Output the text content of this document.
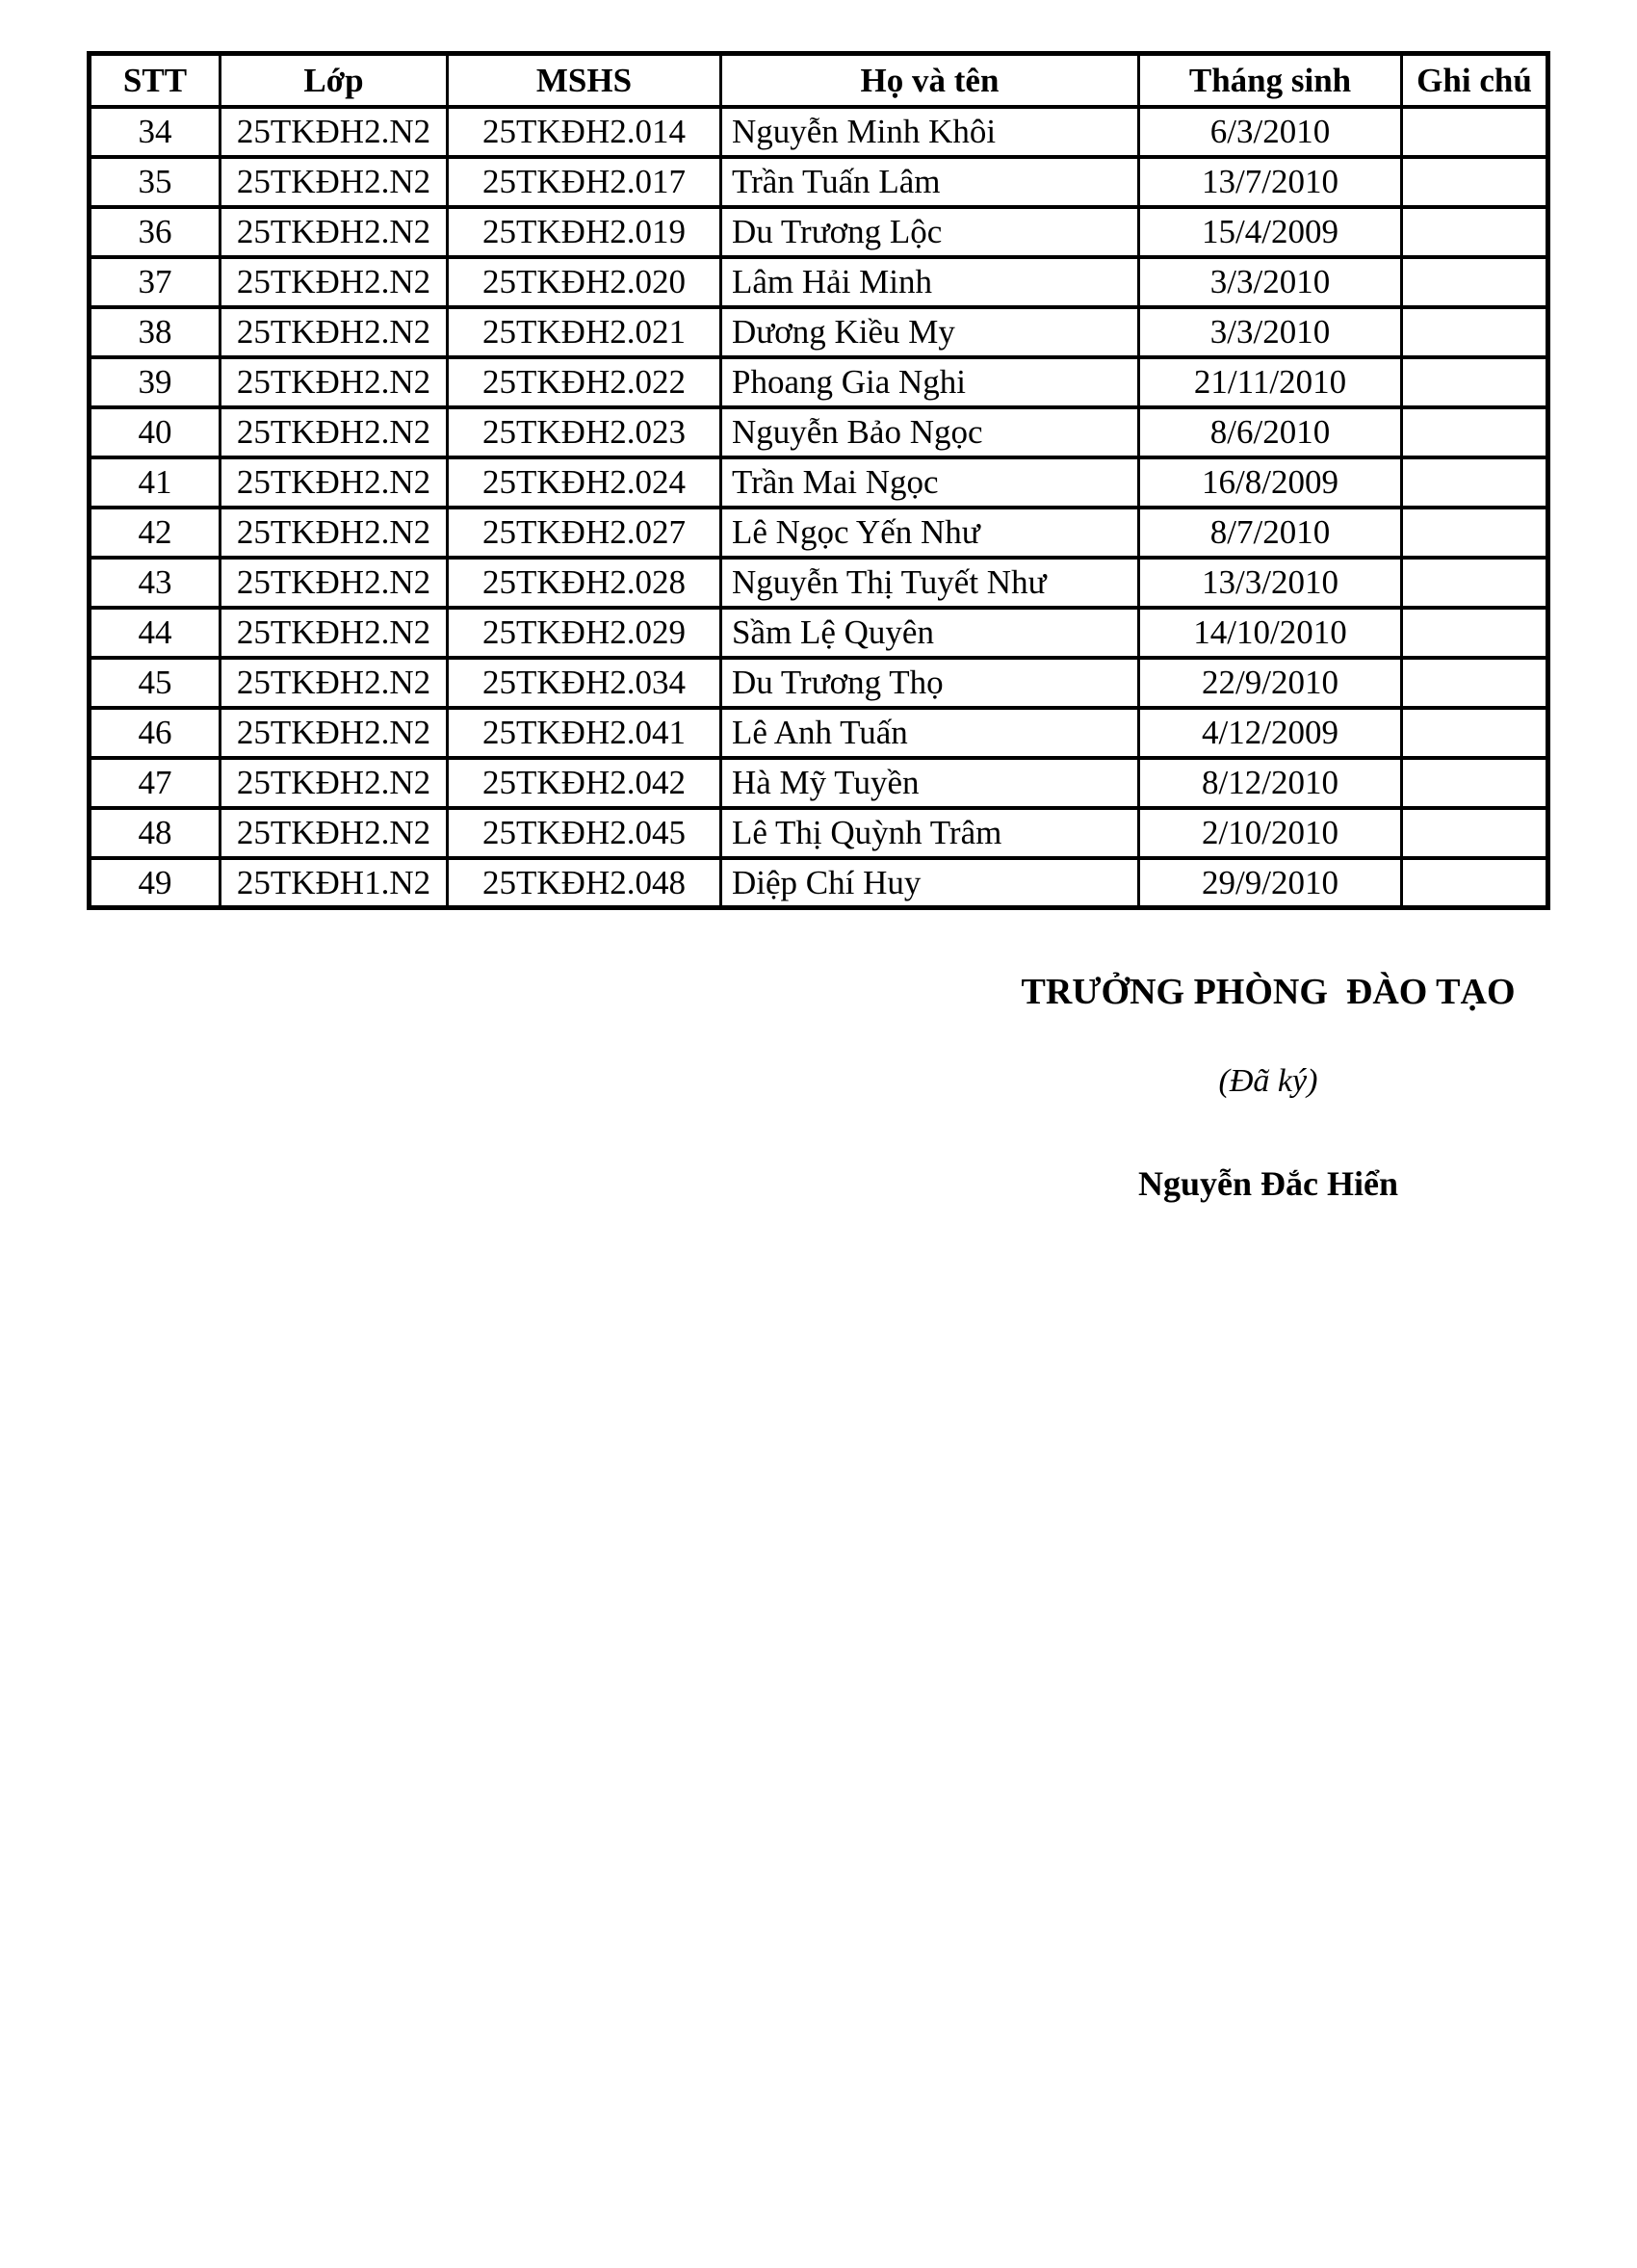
STT	Lớp	MSHS	Họ và tên	Tháng sinh	Ghi chú
34	25TKĐH2.N2	25TKĐH2.014	Nguyễn Minh Khôi	6/3/2010	
35	25TKĐH2.N2	25TKĐH2.017	Trần Tuấn Lâm	13/7/2010	
36	25TKĐH2.N2	25TKĐH2.019	Du Trương Lộc	15/4/2009	
37	25TKĐH2.N2	25TKĐH2.020	Lâm Hải Minh	3/3/2010	
38	25TKĐH2.N2	25TKĐH2.021	Dương Kiều My	3/3/2010	
39	25TKĐH2.N2	25TKĐH2.022	Phoang Gia Nghi	21/11/2010	
40	25TKĐH2.N2	25TKĐH2.023	Nguyễn Bảo Ngọc	8/6/2010	
41	25TKĐH2.N2	25TKĐH2.024	Trần Mai Ngọc	16/8/2009	
42	25TKĐH2.N2	25TKĐH2.027	Lê Ngọc Yến Như	8/7/2010	
43	25TKĐH2.N2	25TKĐH2.028	Nguyễn Thị Tuyết Như	13/3/2010	
44	25TKĐH2.N2	25TKĐH2.029	Sầm Lệ Quyên	14/10/2010	
45	25TKĐH2.N2	25TKĐH2.034	Du Trương Thọ	22/9/2010	
46	25TKĐH2.N2	25TKĐH2.041	Lê Anh Tuấn	4/12/2009	
47	25TKĐH2.N2	25TKĐH2.042	Hà Mỹ Tuyền	8/12/2010	
48	25TKĐH2.N2	25TKĐH2.045	Lê Thị Quỳnh Trâm	2/10/2010	
49	25TKĐH1.N2	25TKĐH2.048	Diệp Chí Huy	29/9/2010	
TRƯỞNG PHÒNG  ĐÀO TẠO
(Đã ký)
Nguyễn Đắc Hiển
